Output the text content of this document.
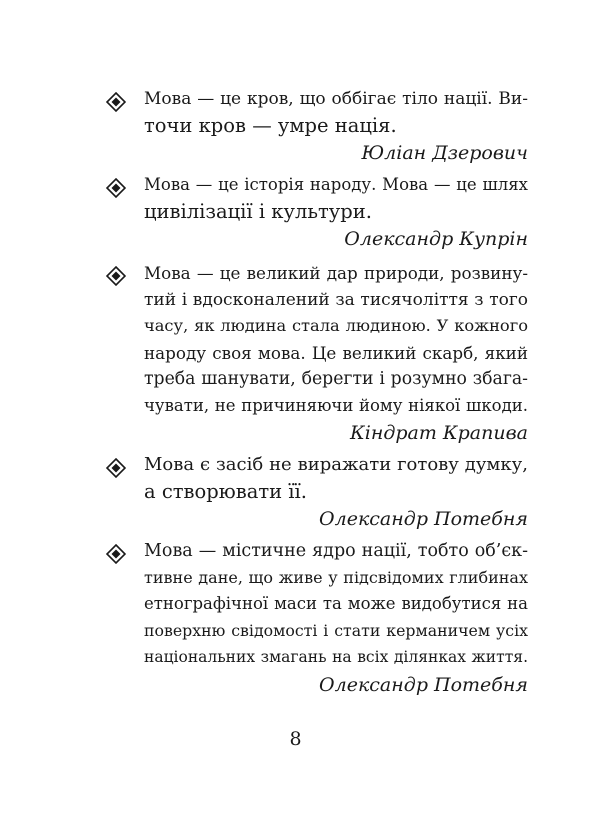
Мова — це кров, що оббігає тіло нації. Ви-
точи кров — умре нація.
Юліан Дзерович
Мова — це історія народу. Мова — це шлях
цивілізації і культури.
Олександр Купрін
Мова — це великий дар природи, розвину-
тий і вдосконалений за тисячоліття з того
часу, як людина стала людиною. У кожного
народу своя мова. Це великий скарб, який
треба шанувати, берегти і розумно збага-
чувати, не причиняючи йому ніякої шкоди.
Кіндрат Крапива
Мова є засіб не виражати готову думку,
а створювати її.
Олександр Потебня
Мова — містичне ядро нації, тобто об’єк-
тивне дане, що живе у підсвідомих глибинах
етнографічної маси та може видобутися на
поверхню свідомості і стати керманичем усіх
національних змагань на всіх ділянках життя.
Олександр Потебня
8
